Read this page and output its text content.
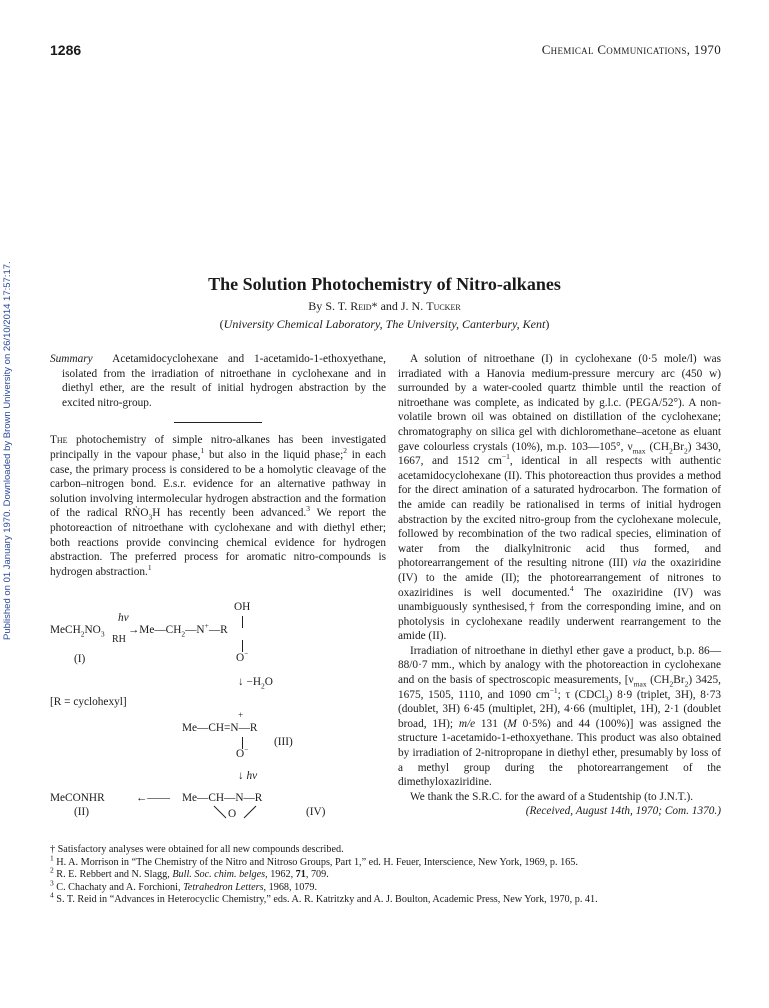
1286	Chemical Communications, 1970
Published on 01 January 1970. Downloaded by Brown University on 26/10/2014 17:57:17.	The Solution Photochemistry of Nitro-alkanes
By S. T. Reid* and J. N. Tucker
(University Chemical Laboratory, The University, Canterbury, Kent)

Summary Acetamidocyclohexane and 1-acetamido-1-ethoxyethane, isolated from the irradiation of nitroethane in cyclohexane and in diethyl ether, are the result of initial hydrogen abstraction by the excited nitro-group.

The photochemistry of simple nitro-alkanes has been investigated principally in the vapour phase,$^1$ but also in the liquid phase;$^2$ in each case, the primary process is considered to be a homolytic cleavage of the carbon–nitrogen bond. E.s.r. evidence for an alternative pathway in solution involving intermolecular hydrogen abstraction and the formation of the radical RṄO$_3$H has recently been advanced.$^3$ We report the photoreaction of nitroethane with cyclohexane and with diethyl ether; both reactions provide convincing chemical evidence for hydrogen abstraction. The preferred process for aromatic nitro-compounds is hydrogen abstraction.$^1$

OH
hν
$MeCH_2NO_3$
RH
$\to Me—CH_2—N^+—R$
(I)	O−
↓ $-H_2O$
[R = cyclohexyl]
+
Me—CH=N—R
(III)
O−
↓ hν
MeCONHR	←—— Me—CH—N—R
O
(II)	(IV)

A solution of nitroethane (I) in cyclohexane (0·5 mole/l) was irradiated with a Hanovia medium-pressure mercury arc (450 w) surrounded by a water-cooled quartz thimble until the reaction of nitroethane was complete, as indicated by g.l.c. (PEGA/52°). A non-volatile brown oil was obtained on distillation of the cyclohexane; chromatography on silica gel with dichloromethane–acetone as eluant gave colourless crystals (10%), m.p. 103—105°, $\nu_{max}$ $(CH_2Br_2)$ 3430, 1667, and 1512 $cm^{-1}$, identical in all respects with authentic acetamidocyclohexane (II). This photoreaction thus provides a method for the direct amination of a saturated hydrocarbon. The formation of the amide can readily be rationalised in terms of initial hydrogen abstraction by the excited nitro-group from the cyclohexane molecule, followed by recombination of the two radical species, elimination of water from the dialkylnitronic acid thus formed, and photorearrangement of the resulting nitrone (III) via the oxaziridine (IV) to the amide (II); the photorearrangement of nitrones to oxaziridines is well documented.$^4$ The oxaziridine (IV) was unambiguously synthesised,† from the corresponding imine, and on photolysis in cyclohexane readily underwent rearrangement to the amide (II).

Irradiation of nitroethane in diethyl ether gave a product, b.p. 86—88/0·7 mm., which by analogy with the photoreaction in cyclohexane and on the basis of spectroscopic measurements, [$\nu_{max}$ $(CH_2Br_2)$ 3425, 1675, 1505, 1110, and 1090 $cm^{-1}$; τ (CDCl$_3$) 8·9 (triplet, 3H), 8·73 (doublet, 3H) 6·45 (multiplet, 2H), 4·66 (multiplet, 1H), 2·1 (doublet broad, 1H); m/e 131 (M 0·5%) and 44 (100%)] was assigned the structure 1-acetamido-1-ethoxyethane. This product was also obtained by irradiation of 2-nitropropane in diethyl ether, presumably by loss of a methyl group during the photorearrangement of the dimethyloxaziridine.

We thank the S.R.C. for the award of a Studentship (to J.N.T.).

(Received, August 14th, 1970; Com. 1370.)

† Satisfactory analyses were obtained for all new compounds described.

$^1$ H. A. Morrison in “The Chemistry of the Nitro and Nitroso Groups, Part 1,” ed. H. Feuer, Interscience, New York, 1969, p. 165.

$^2$ R. E. Rebbert and N. Slagg, Bull. Soc. chim. belges, 1962, 71, 709.

$^3$ C. Chachaty and A. Forchioni, Tetrahedron Letters, 1968, 1079.

$^4$ S. T. Reid in “Advances in Heterocyclic Chemistry,” eds. A. R. Katritzky and A. J. Boulton, Academic Press, New York, 1970, p. 41.
